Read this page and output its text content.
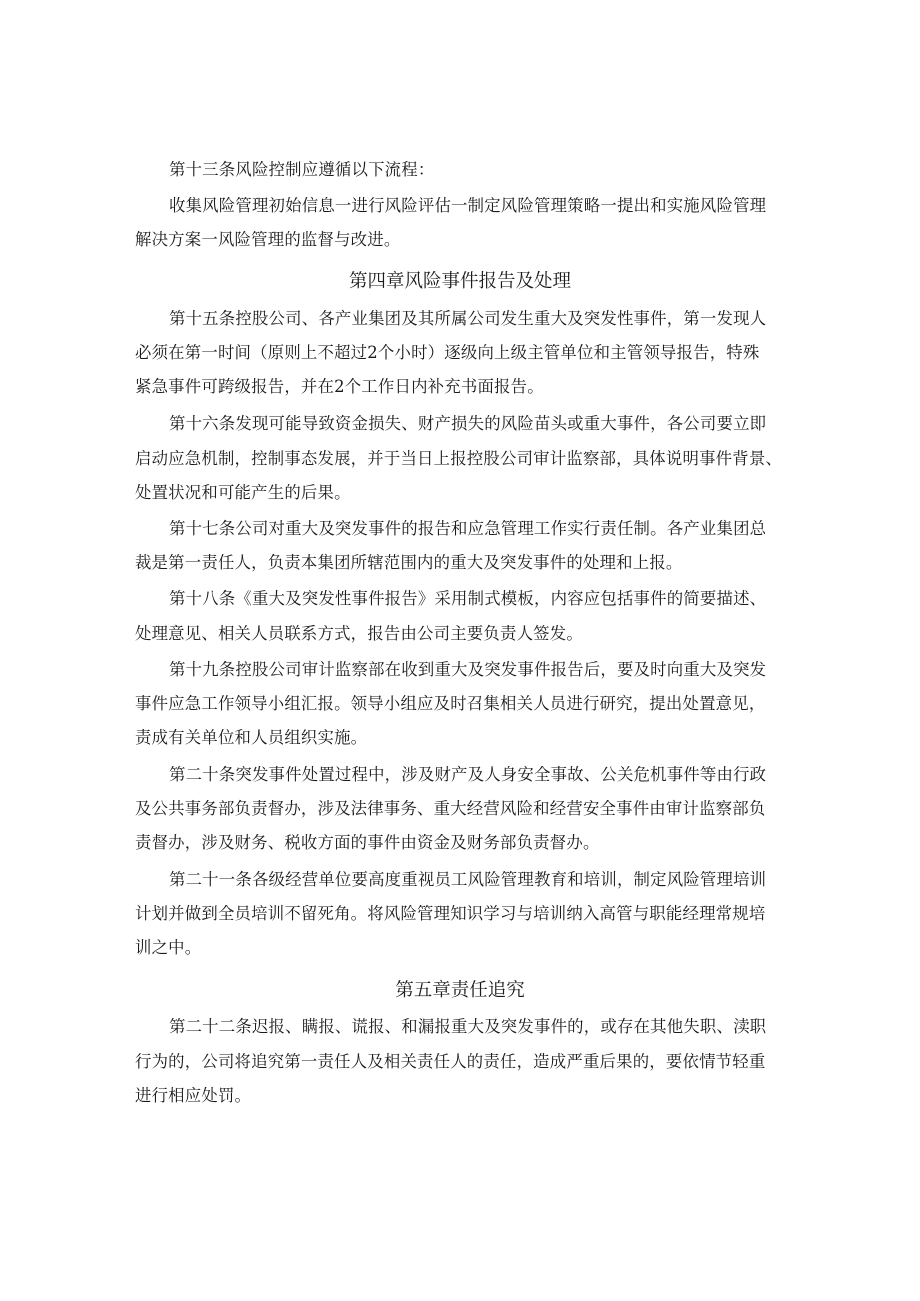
第十三条风险控制应遵循以下流程：
收集风险管理初始信息一进行风险评估一制定风险管理策略一提出和实施风险管理
解决方案一风险管理的监督与改进。
第四章风险事件报告及处理
第十五条控股公司、各产业集团及其所属公司发生重大及突发性事件，第一发现人
必须在第一时间（原则上不超过2个小时）逐级向上级主管单位和主管领导报告，特殊
紧急事件可跨级报告，并在2个工作日内补充书面报告。
第十六条发现可能导致资金损失、财产损失的风险苗头或重大事件，各公司要立即
启动应急机制，控制事态发展，并于当日上报控股公司审计监察部，具体说明事件背景、
处置状况和可能产生的后果。
第十七条公司对重大及突发事件的报告和应急管理工作实行责任制。各产业集团总
裁是第一责任人，负责本集团所辖范围内的重大及突发事件的处理和上报。
第十八条《重大及突发性事件报告》采用制式模板，内容应包括事件的简要描述、
处理意见、相关人员联系方式，报告由公司主要负责人签发。
第十九条控股公司审计监察部在收到重大及突发事件报告后，要及时向重大及突发
事件应急工作领导小组汇报。领导小组应及时召集相关人员进行研究，提出处置意见，
责成有关单位和人员组织实施。
第二十条突发事件处置过程中，涉及财产及人身安全事故、公关危机事件等由行政
及公共事务部负责督办，涉及法律事务、重大经营风险和经营安全事件由审计监察部负
责督办，涉及财务、税收方面的事件由资金及财务部负责督办。
第二十一条各级经营单位要高度重视员工风险管理教育和培训，制定风险管理培训
计划并做到全员培训不留死角。将风险管理知识学习与培训纳入高管与职能经理常规培
训之中。
第五章责任追究
第二十二条迟报、瞒报、谎报、和漏报重大及突发事件的，或存在其他失职、渎职
行为的，公司将追究第一责任人及相关责任人的责任，造成严重后果的，要依情节轻重
进行相应处罚。
